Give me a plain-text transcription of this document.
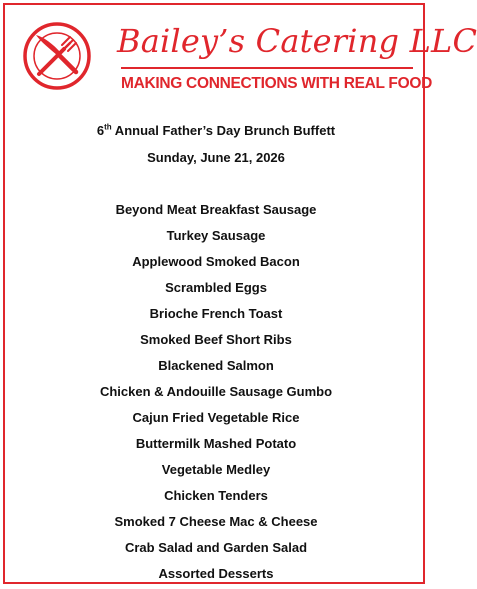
Bailey’s Catering LLC
MAKING CONNECTIONS WITH REAL FOOD
6th Annual Father’s Day Brunch Buffett
Sunday, June 21, 2026
Beyond Meat Breakfast Sausage
Turkey Sausage
Applewood Smoked Bacon
Scrambled Eggs
Brioche French Toast
Smoked Beef Short Ribs
Blackened Salmon
Chicken & Andouille Sausage Gumbo
Cajun Fried Vegetable Rice
Buttermilk Mashed Potato
Vegetable Medley
Chicken Tenders
Smoked 7 Cheese Mac & Cheese
Crab Salad and Garden Salad
Assorted Desserts
